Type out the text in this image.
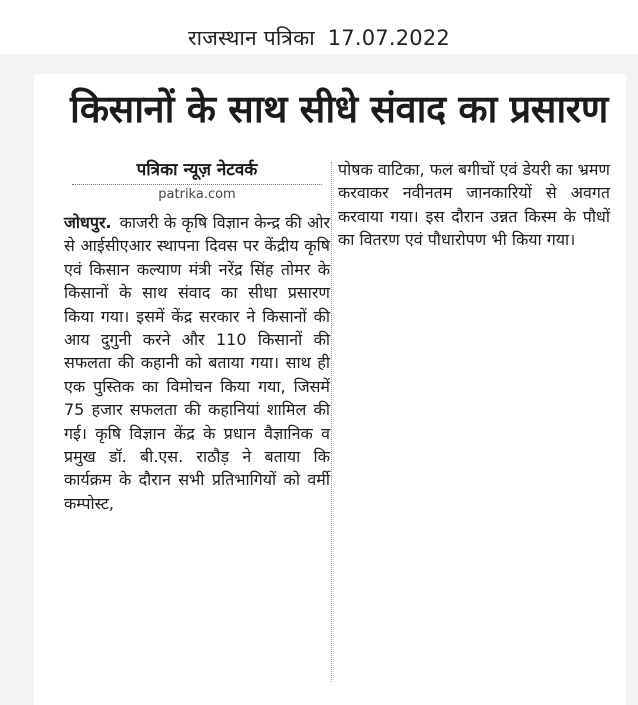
राजस्थान पत्रिका 17.07.2022
किसानों के साथ सीधे संवाद का प्रसारण
पत्रिका न्यूज़ नेटवर्क
patrika.com
जोधपुर. काजरी के कृषि विज्ञान केन्द्र की ओर से आईसीएआर स्थापना दिवस पर केंद्रीय कृषि एवं किसान कल्याण मंत्री नरेंद्र सिंह तोमर के किसानों के साथ संवाद का सीधा प्रसारण किया गया। इसमें केंद्र सरकार ने किसानों की आय दुगुनी करने और 110 किसानों की सफलता की कहानी को बताया गया। साथ ही एक पुस्तिक का विमोचन किया गया, जिसमें 75 हजार सफलता की कहानियां शामिल की गई। कृषि विज्ञान केंद्र के प्रधान वैज्ञानिक व प्रमुख डॉ. बी.एस. राठौड़ ने बताया कि कार्यक्रम के दौरान सभी प्रतिभागियों को वर्मी कम्पोस्ट,
पोषक वाटिका, फल बगीचों एवं डेयरी का भ्रमण करवाकर नवीनतम जानकारियों से अवगत करवाया गया। इस दौरान उन्नत किस्म के पौधों का वितरण एवं पौधारोपण भी किया गया।
